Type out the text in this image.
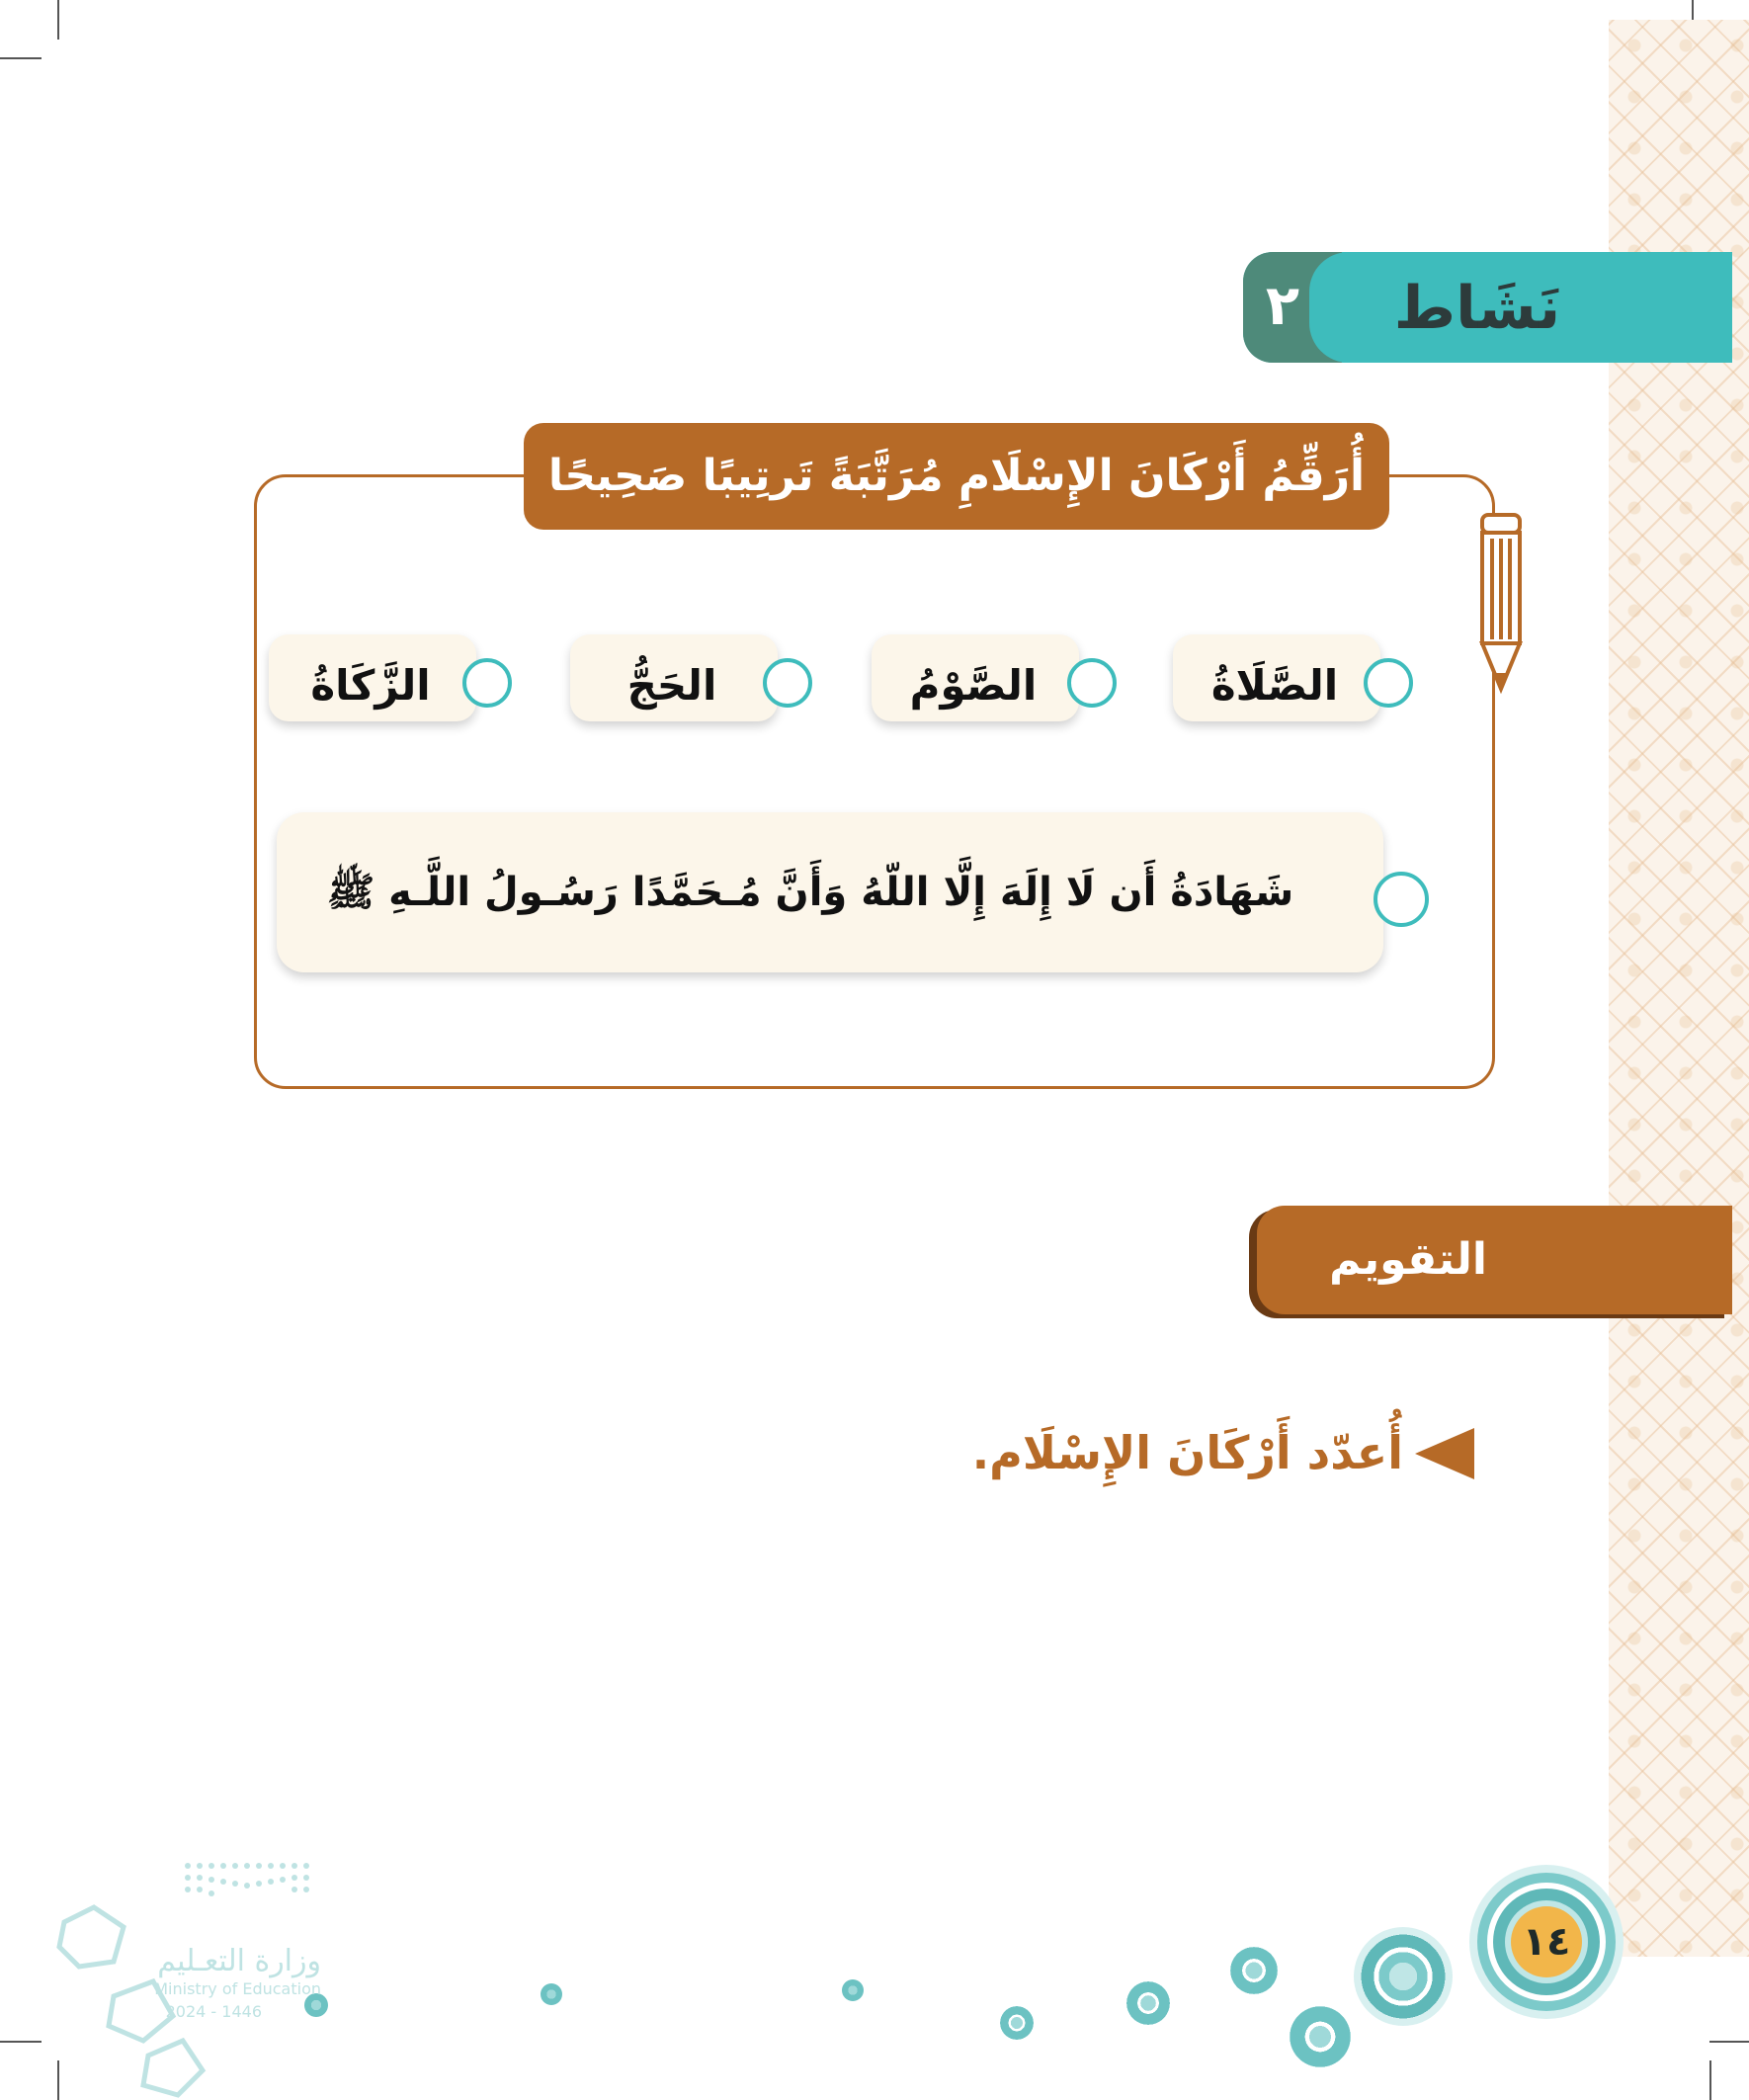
٢	نَشَاط
أُرَقِّمُ أَرْكَانَ الإِسْلَامِ مُرَتَّبَةً تَرتِيبًا صَحِيحًا
الصَّلَاةُ
الصَّوْمُ
الحَجُّ
الزَّكَاةُ
شَهَادَةُ أَن لَا إِلَهَ إِلَّا اللّهُ وَأَنَّ مُـحَمَّدًا رَسُـولُ اللَّـهِ ﷺ
التقويم
أُعدّد أَرْكَانَ الإِسْلَام.
١٤
وزارة التعـليم
Ministry of Education
2024 - 1446
